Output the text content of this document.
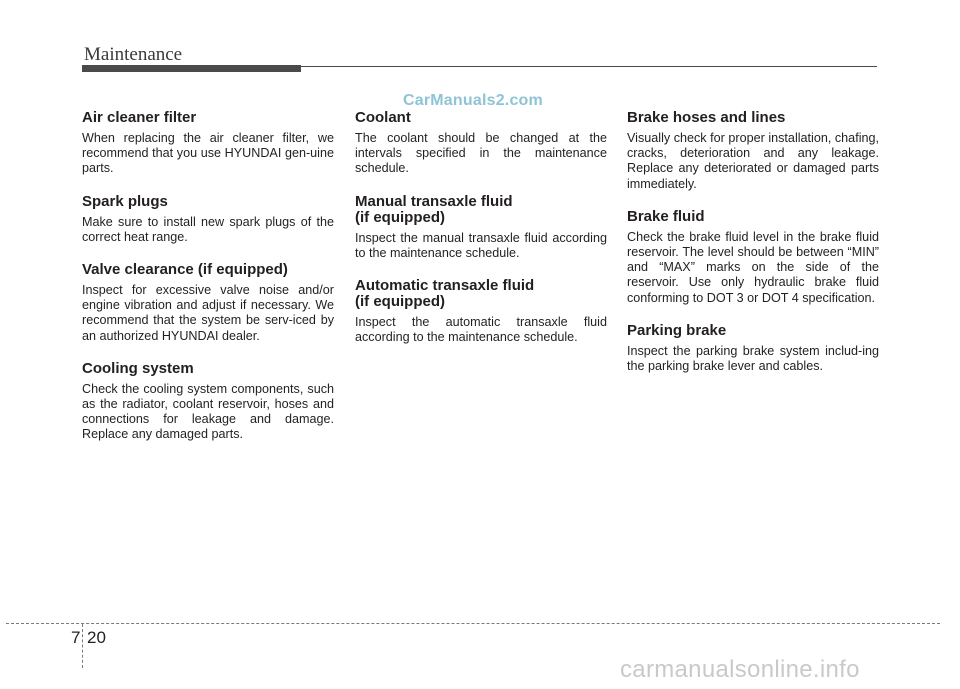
Maintenance
CarManuals2.com
Air cleaner filter

When replacing the air cleaner filter, we recommend that you use HYUNDAI gen-uine parts.

Spark plugs

Make sure to install new spark plugs of the correct heat range.

Valve clearance (if equipped)

Inspect for excessive valve noise and/or engine vibration and adjust if necessary. We recommend that the system be serv-iced by an authorized HYUNDAI dealer.

Cooling system

Check the cooling system components, such as the radiator, coolant reservoir, hoses and connections for leakage and damage. Replace any damaged parts.

Coolant

The coolant should be changed at the intervals specified in the maintenance schedule.

Manual transaxle fluid
(if equipped)

Inspect the manual transaxle fluid according to the maintenance schedule.

Automatic transaxle fluid
(if equipped)

Inspect the automatic transaxle fluid according to the maintenance schedule.

Brake hoses and lines

Visually check for proper installation, chafing, cracks, deterioration and any leakage. Replace any deteriorated or damaged parts immediately.

Brake fluid

Check the brake fluid level in the brake fluid reservoir. The level should be between “MIN” and “MAX” marks on the side of the reservoir. Use only hydraulic brake fluid conforming to DOT 3 or DOT 4 specification.

Parking brake

Inspect the parking brake system includ-ing the parking brake lever and cables.

7 20
carmanualsonline.info
